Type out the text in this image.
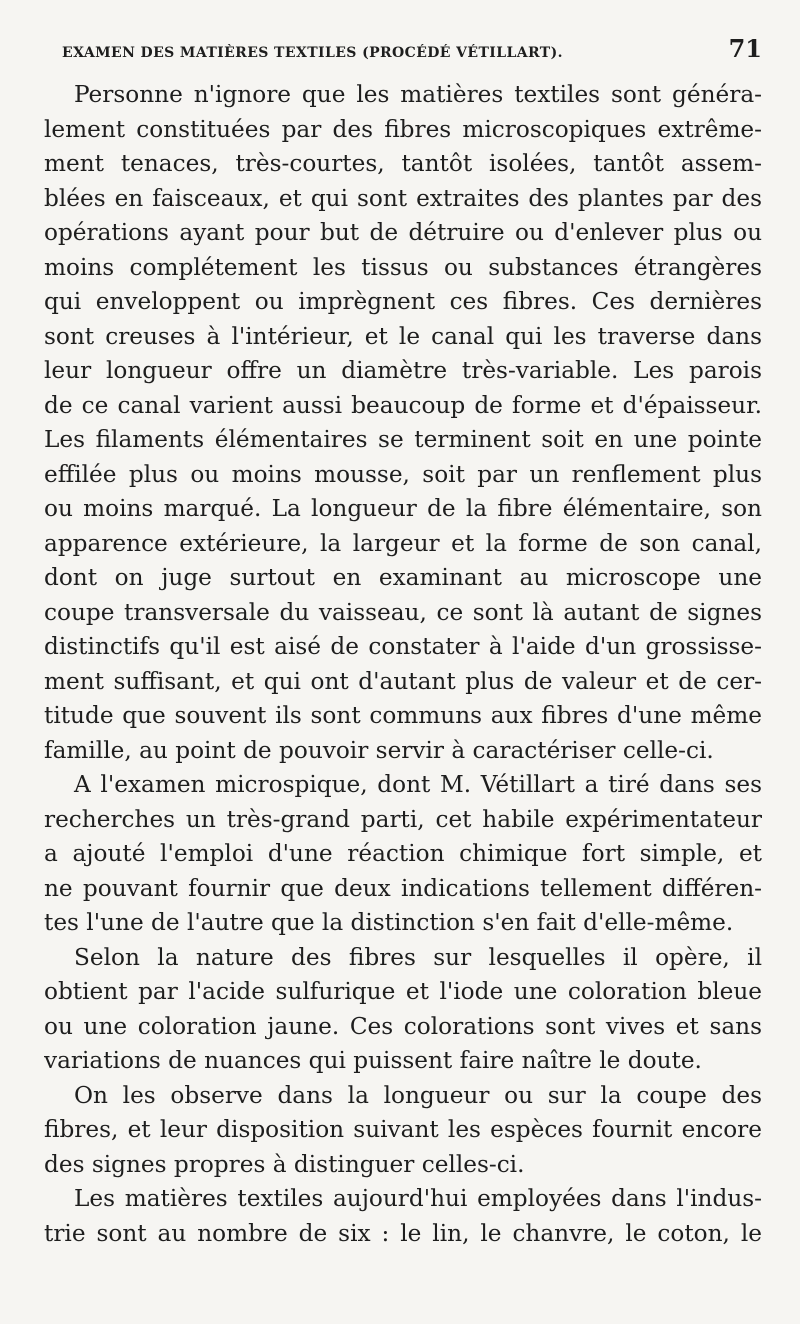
EXAMEN DES MATIÈRES TEXTILES (PROCÉDÉ VÉTILLART).	71
Personne n'ignore que les matières textiles sont généra-
lement constituées par des fibres microscopiques extrême-
ment tenaces, très-courtes, tantôt isolées, tantôt assem-
blées en faisceaux, et qui sont extraites des plantes par des
opérations ayant pour but de détruire ou d'enlever plus ou
moins complétement les tissus ou substances étrangères
qui enveloppent ou imprègnent ces fibres. Ces dernières
sont creuses à l'intérieur, et le canal qui les traverse dans
leur longueur offre un diamètre très-variable. Les parois
de ce canal varient aussi beaucoup de forme et d'épaisseur.
Les filaments élémentaires se terminent soit en une pointe
effilée plus ou moins mousse, soit par un renflement plus
ou moins marqué. La longueur de la fibre élémentaire, son
apparence extérieure, la largeur et la forme de son canal,
dont on juge surtout en examinant au microscope une
coupe transversale du vaisseau, ce sont là autant de signes
distinctifs qu'il est aisé de constater à l'aide d'un grossisse-
ment suffisant, et qui ont d'autant plus de valeur et de cer-
titude que souvent ils sont communs aux fibres d'une même
famille, au point de pouvoir servir à caractériser celle-ci.
A l'examen microspique, dont M. Vétillart a tiré dans ses
recherches un très-grand parti, cet habile expérimentateur
a ajouté l'emploi d'une réaction chimique fort simple, et
ne pouvant fournir que deux indications tellement différen-
tes l'une de l'autre que la distinction s'en fait d'elle-même.
Selon la nature des fibres sur lesquelles il opère, il
obtient par l'acide sulfurique et l'iode une coloration bleue
ou une coloration jaune. Ces colorations sont vives et sans
variations de nuances qui puissent faire naître le doute.
On les observe dans la longueur ou sur la coupe des
fibres, et leur disposition suivant les espèces fournit encore
des signes propres à distinguer celles-ci.
Les matières textiles aujourd'hui employées dans l'indus-
trie sont au nombre de six : le lin, le chanvre, le coton, le
